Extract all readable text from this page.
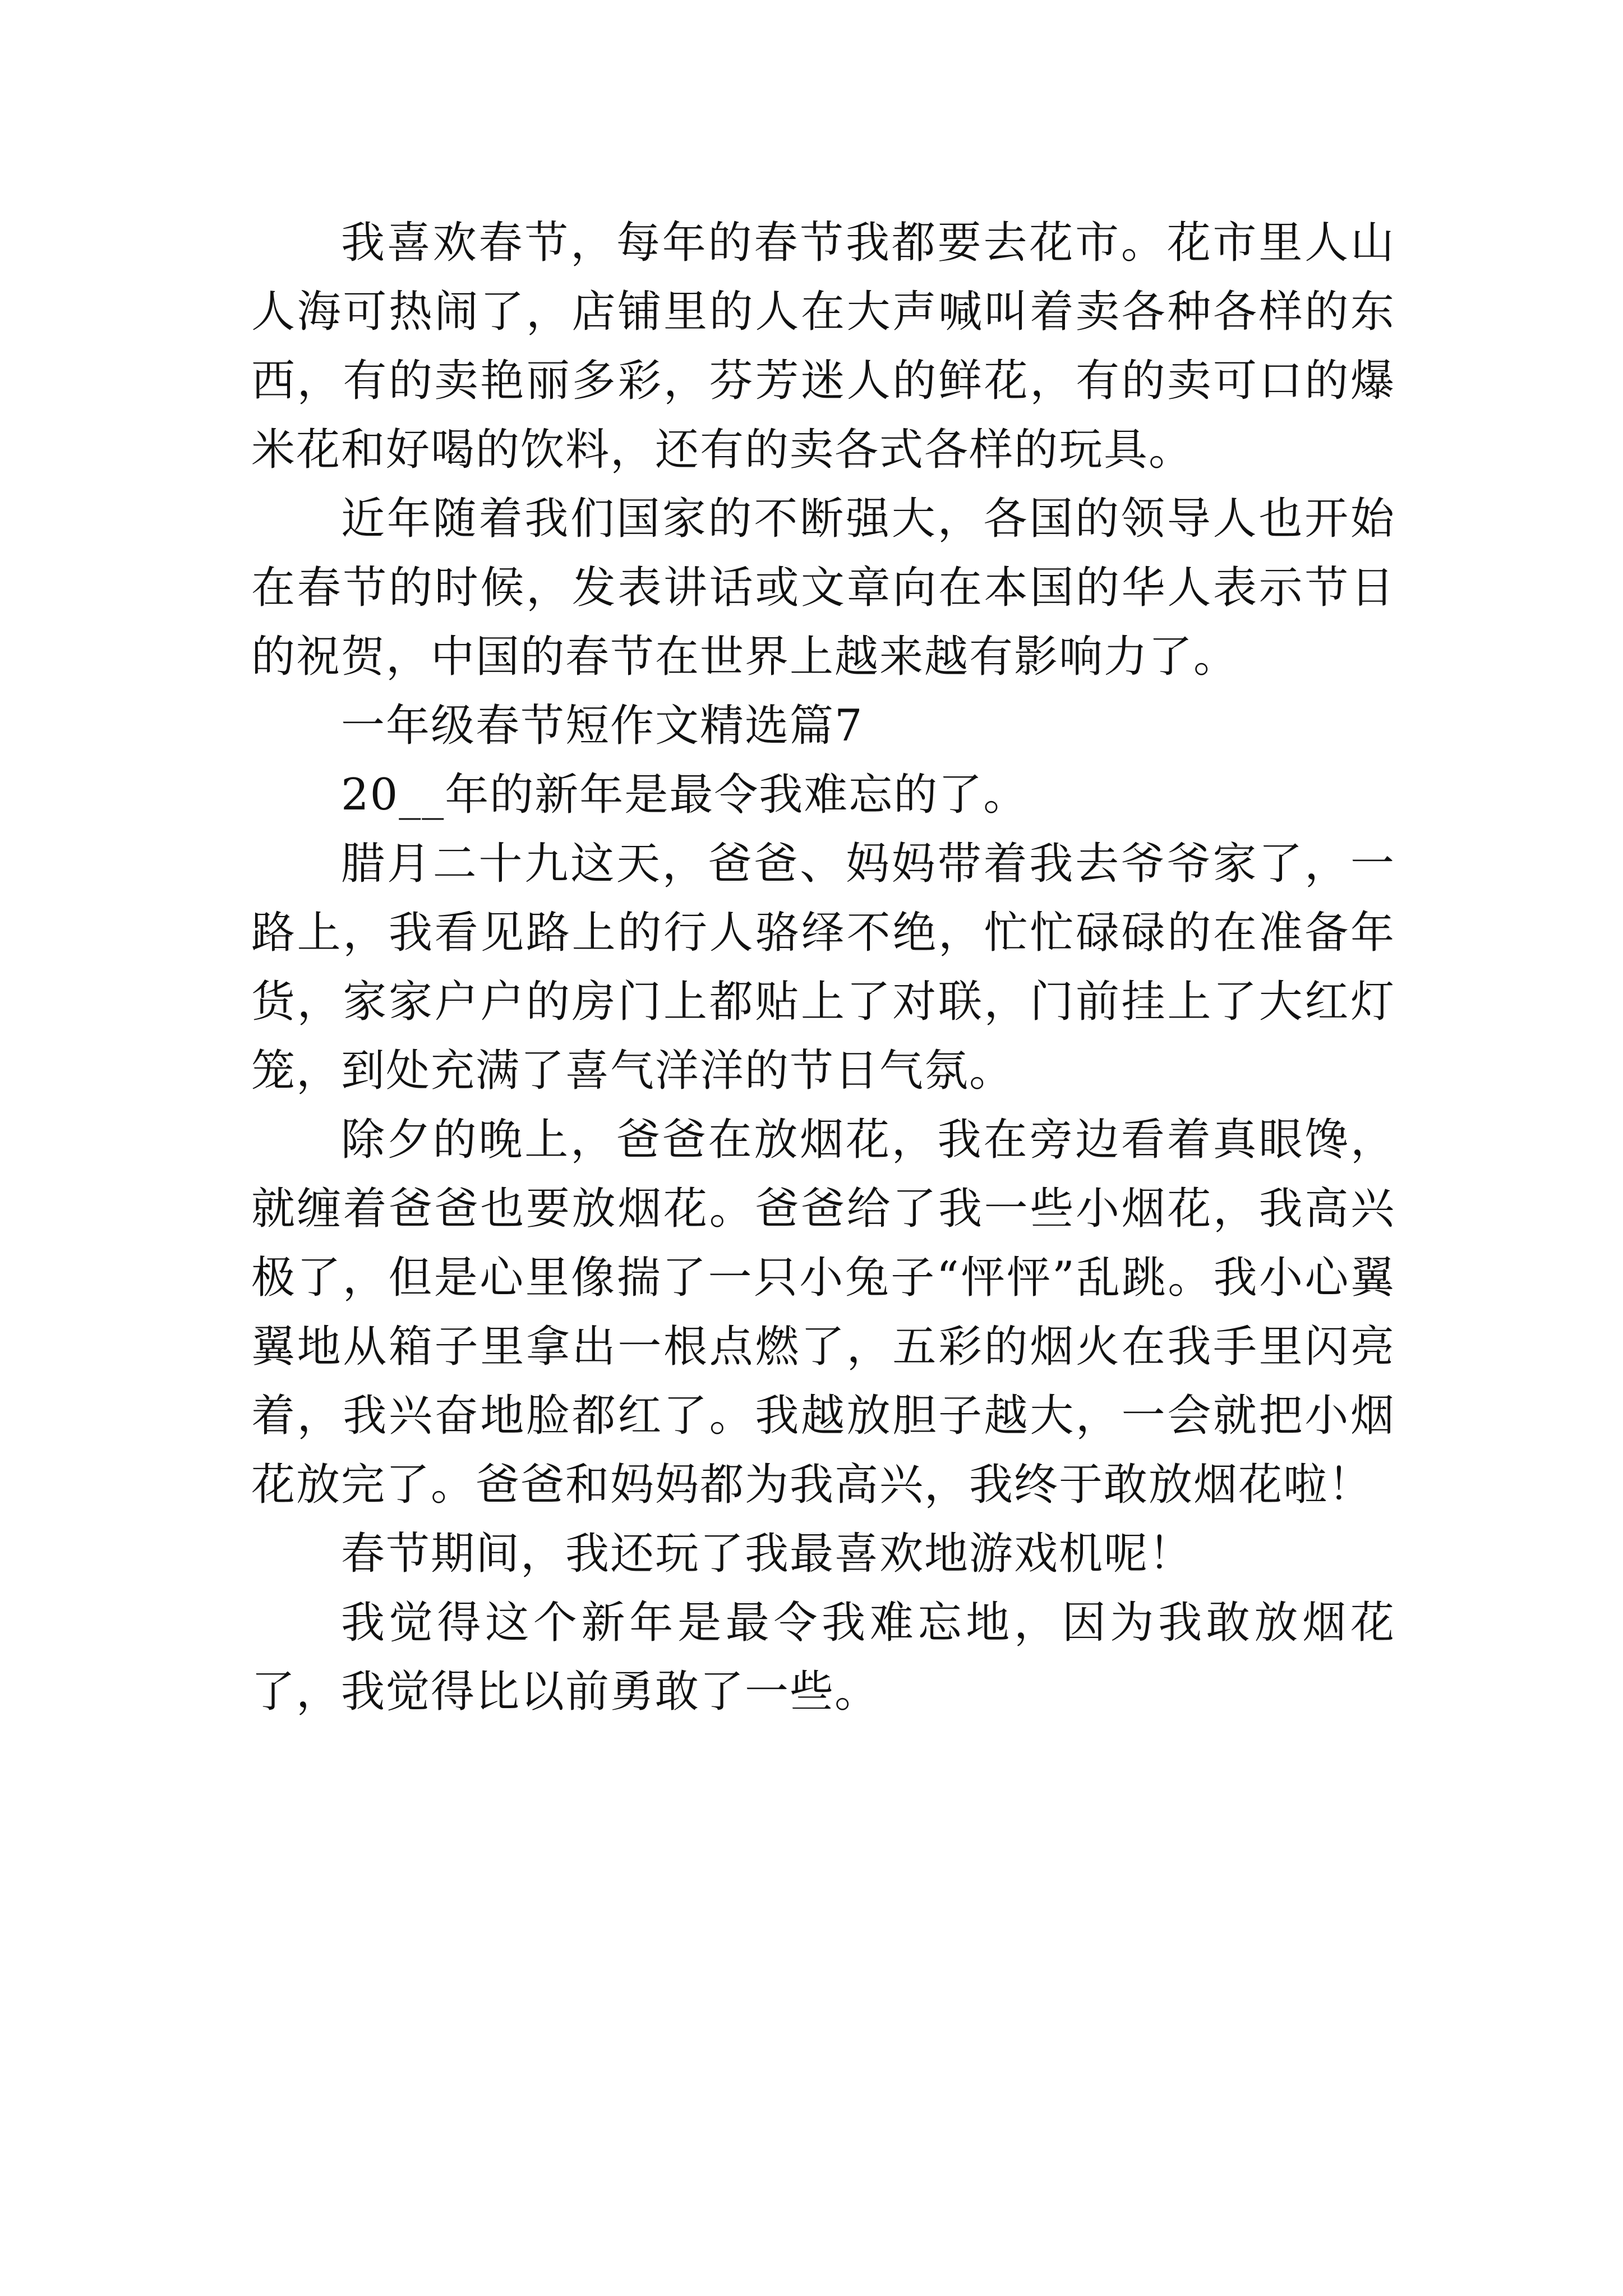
我喜欢春节，每年的春节我都要去花市。花市里人山人海可热闹了，店铺里的人在大声喊叫着卖各种各样的东西，有的卖艳丽多彩，芬芳迷人的鲜花，有的卖可口的爆米花和好喝的饮料，还有的卖各式各样的玩具。

近年随着我们国家的不断强大，各国的领导人也开始在春节的时候，发表讲话或文章向在本国的华人表示节日的祝贺，中国的春节在世界上越来越有影响力了。

一年级春节短作文精选篇7

20__年的新年是最令我难忘的了。

腊月二十九这天，爸爸、妈妈带着我去爷爷家了，一路上，我看见路上的行人骆绎不绝，忙忙碌碌的在准备年货，家家户户的房门上都贴上了对联，门前挂上了大红灯笼，到处充满了喜气洋洋的节日气氛。

除夕的晚上，爸爸在放烟花，我在旁边看着真眼馋，就缠着爸爸也要放烟花。爸爸给了我一些小烟花，我高兴极了，但是心里像揣了一只小兔子“怦怦”乱跳。我小心翼翼地从箱子里拿出一根点燃了，五彩的烟火在我手里闪亮着，我兴奋地脸都红了。我越放胆子越大，一会就把小烟花放完了。爸爸和妈妈都为我高兴，我终于敢放烟花啦！

春节期间，我还玩了我最喜欢地游戏机呢！

我觉得这个新年是最令我难忘地，因为我敢放烟花了，我觉得比以前勇敢了一些。
